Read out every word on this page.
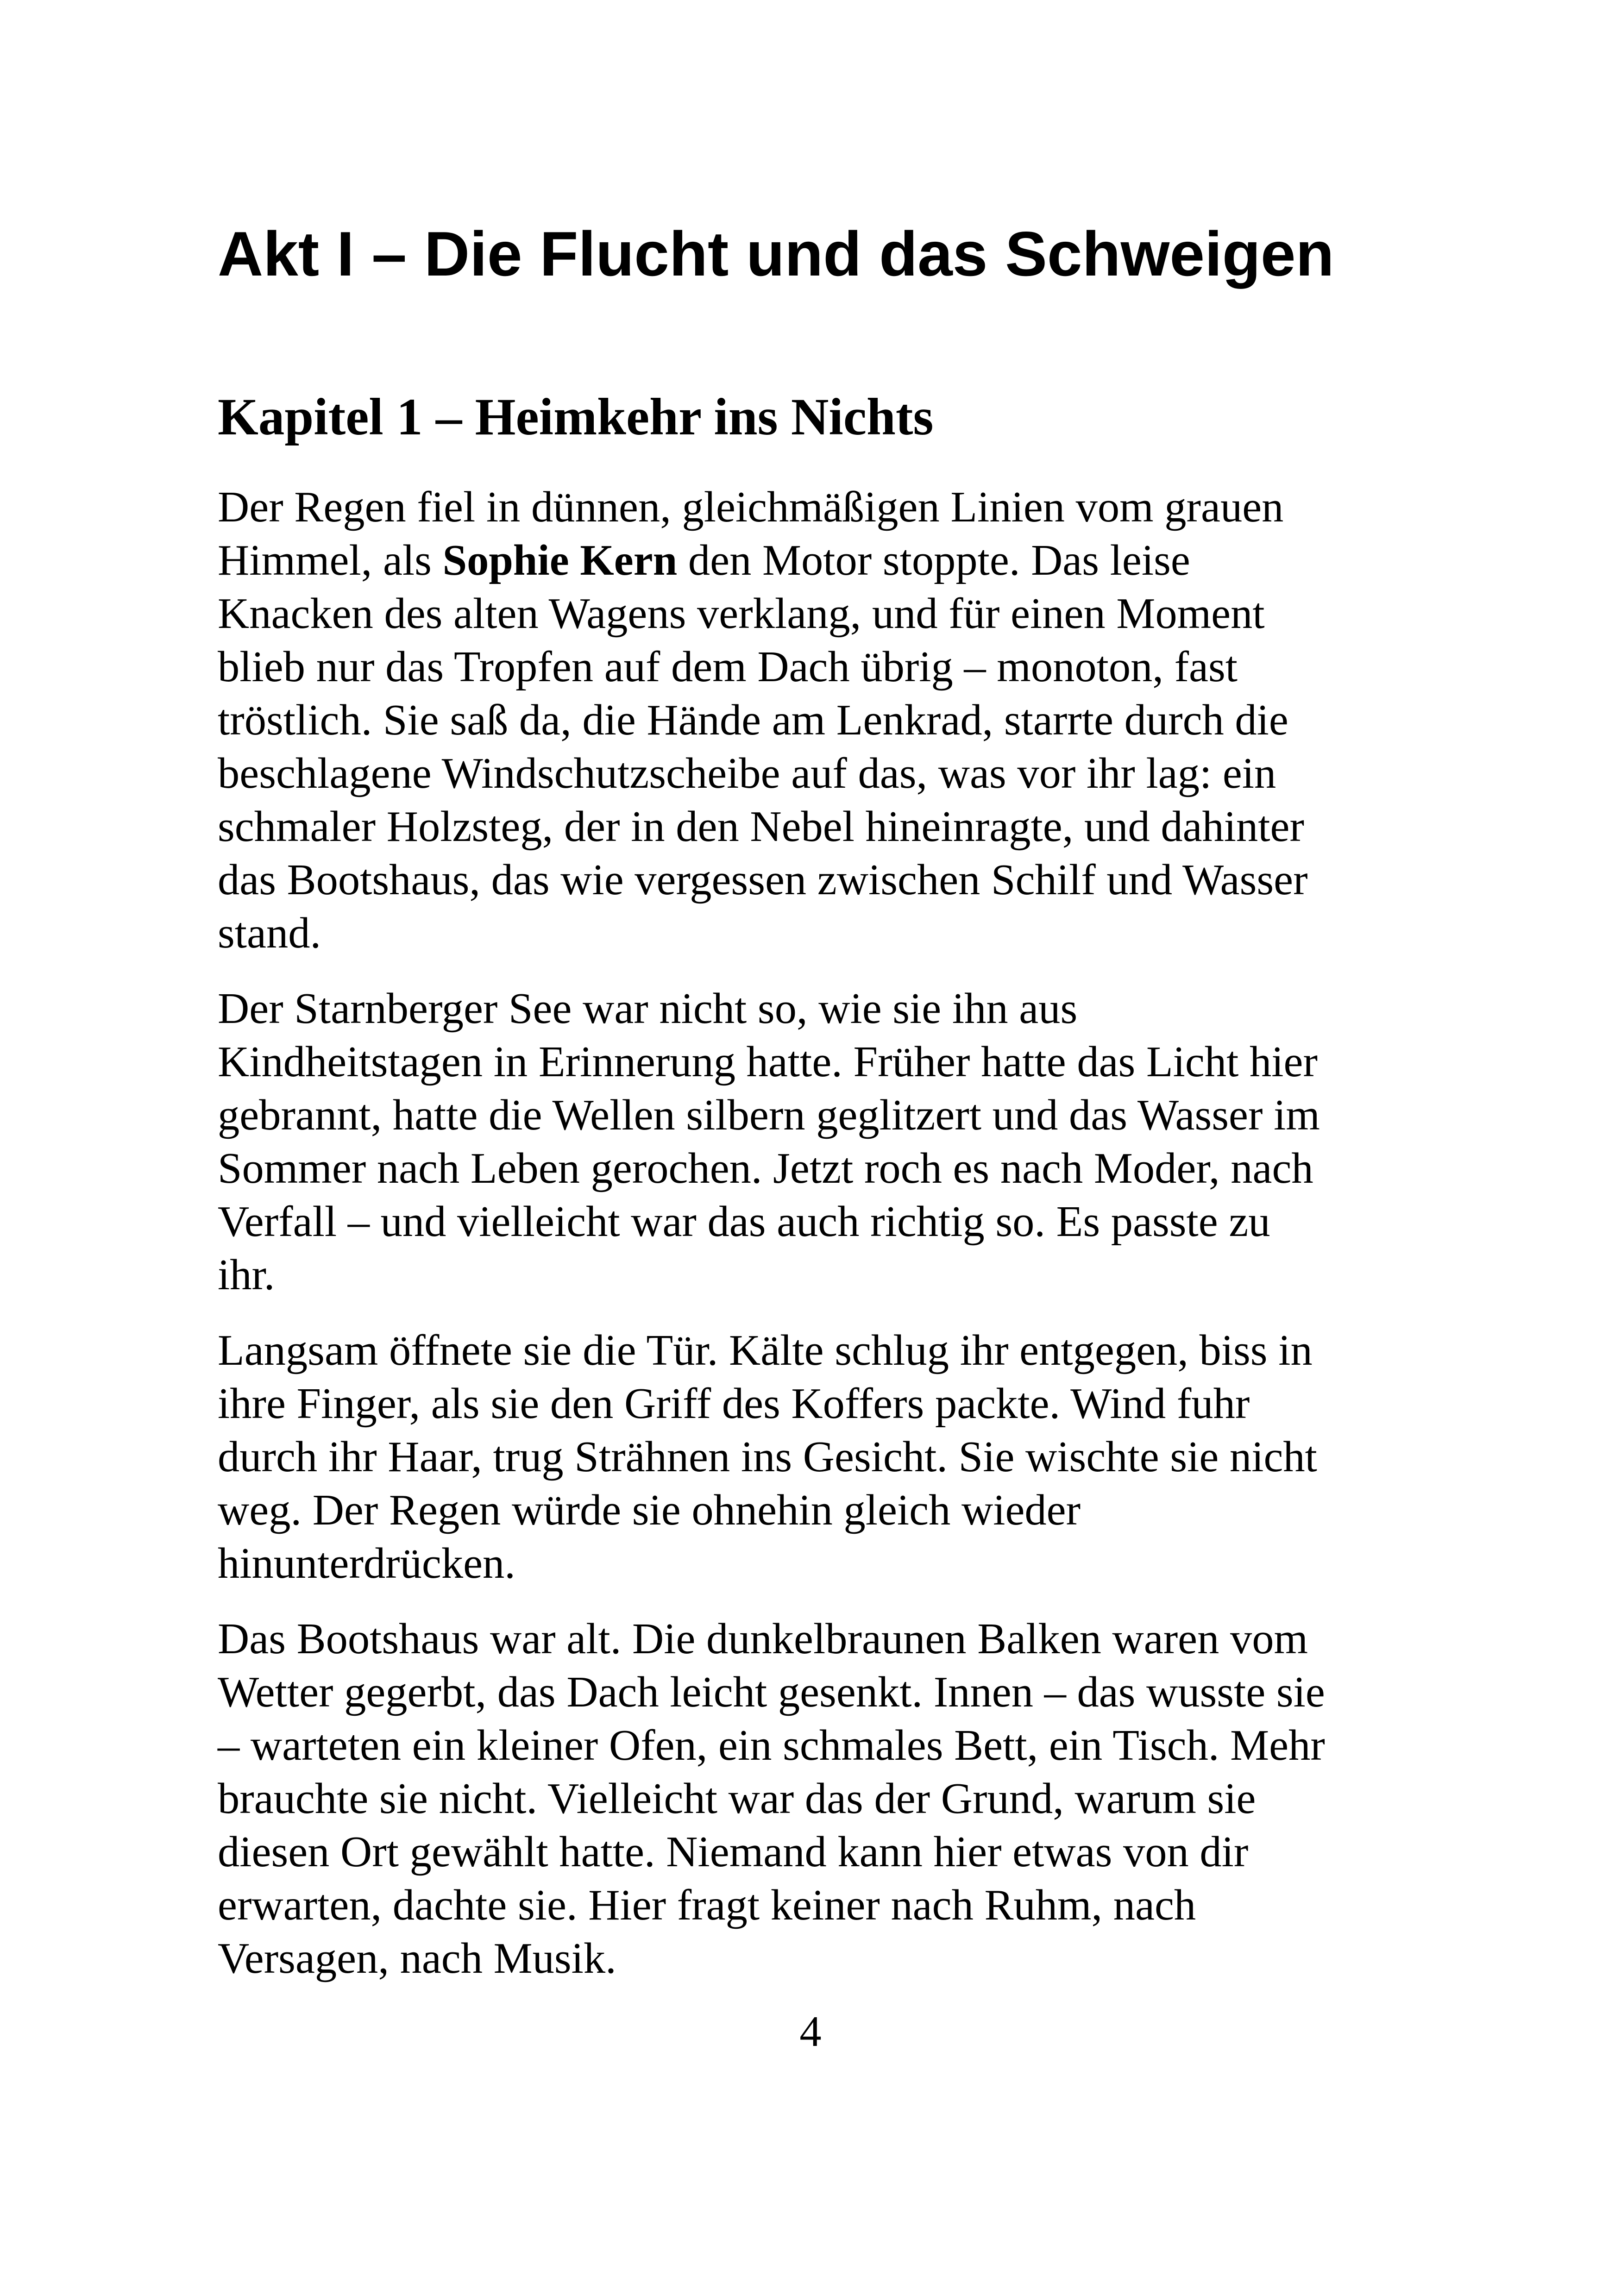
Akt I – Die Flucht und das Schweigen
Kapitel 1 – Heimkehr ins Nichts

Der Regen fiel in dünnen, gleichmäßigen Linien vom grauen
Himmel, als Sophie Kern den Motor stoppte. Das leise
Knacken des alten Wagens verklang, und für einen Moment
blieb nur das Tropfen auf dem Dach übrig – monoton, fast
tröstlich. Sie saß da, die Hände am Lenkrad, starrte durch die
beschlagene Windschutzscheibe auf das, was vor ihr lag: ein
schmaler Holzsteg, der in den Nebel hineinragte, und dahinter
das Bootshaus, das wie vergessen zwischen Schilf und Wasser
stand.

Der Starnberger See war nicht so, wie sie ihn aus
Kindheitstagen in Erinnerung hatte. Früher hatte das Licht hier
gebrannt, hatte die Wellen silbern geglitzert und das Wasser im
Sommer nach Leben gerochen. Jetzt roch es nach Moder, nach
Verfall – und vielleicht war das auch richtig so. Es passte zu
ihr.

Langsam öffnete sie die Tür. Kälte schlug ihr entgegen, biss in
ihre Finger, als sie den Griff des Koffers packte. Wind fuhr
durch ihr Haar, trug Strähnen ins Gesicht. Sie wischte sie nicht
weg. Der Regen würde sie ohnehin gleich wieder
hinunterdrücken.

Das Bootshaus war alt. Die dunkelbraunen Balken waren vom
Wetter gegerbt, das Dach leicht gesenkt. Innen – das wusste sie
– warteten ein kleiner Ofen, ein schmales Bett, ein Tisch. Mehr
brauchte sie nicht. Vielleicht war das der Grund, warum sie
diesen Ort gewählt hatte. Niemand kann hier etwas von dir
erwarten, dachte sie. Hier fragt keiner nach Ruhm, nach
Versagen, nach Musik.

4
